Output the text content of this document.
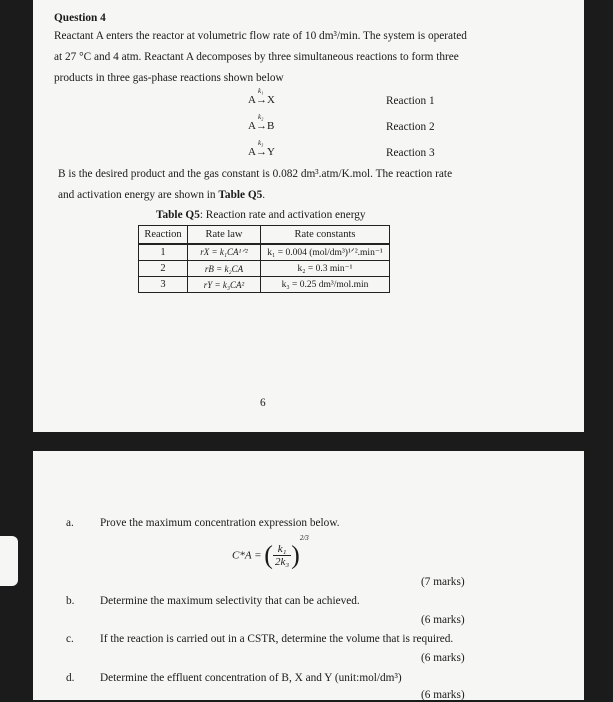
Question 4
Reactant A enters the reactor at volumetric flow rate of 10 dm³/min. The system is operated
at 27 °C and 4 atm. Reactant A decomposes by three simultaneous reactions to form three
products in three gas-phase reactions shown below
A→
k₁
X	Reaction 1
A→
k₂
B	Reaction 2
A→
k₃
Y	Reaction 3
B is the desired product and the gas constant is 0.082 dm³.atm/K.mol. The reaction rate
and activation energy are shown in Table Q5.
Table Q5: Reaction rate and activation energy
Reaction	Rate law	Rate constants
1	rX = k₁CA¹ᐟ²	k₁ = 0.004 (mol/dm³)¹ᐟ².min⁻¹
2	rB = k₂CA	k₂ = 0.3 min⁻¹
3	rY = k₃CA²	k₃ = 0.25 dm³/mol.min
6
a. Prove the maximum concentration expression below.
C*A = ( $\frac{\text{k₁}}{\text{2k₃}} )^{2/3}$
(7 marks)
b. Determine the maximum selectivity that can be achieved.
(6 marks)
c. If the reaction is carried out in a CSTR, determine the volume that is required.
(6 marks)
d. Determine the effluent concentration of B, X and Y (unit:mol/dm³)
(6 marks)
